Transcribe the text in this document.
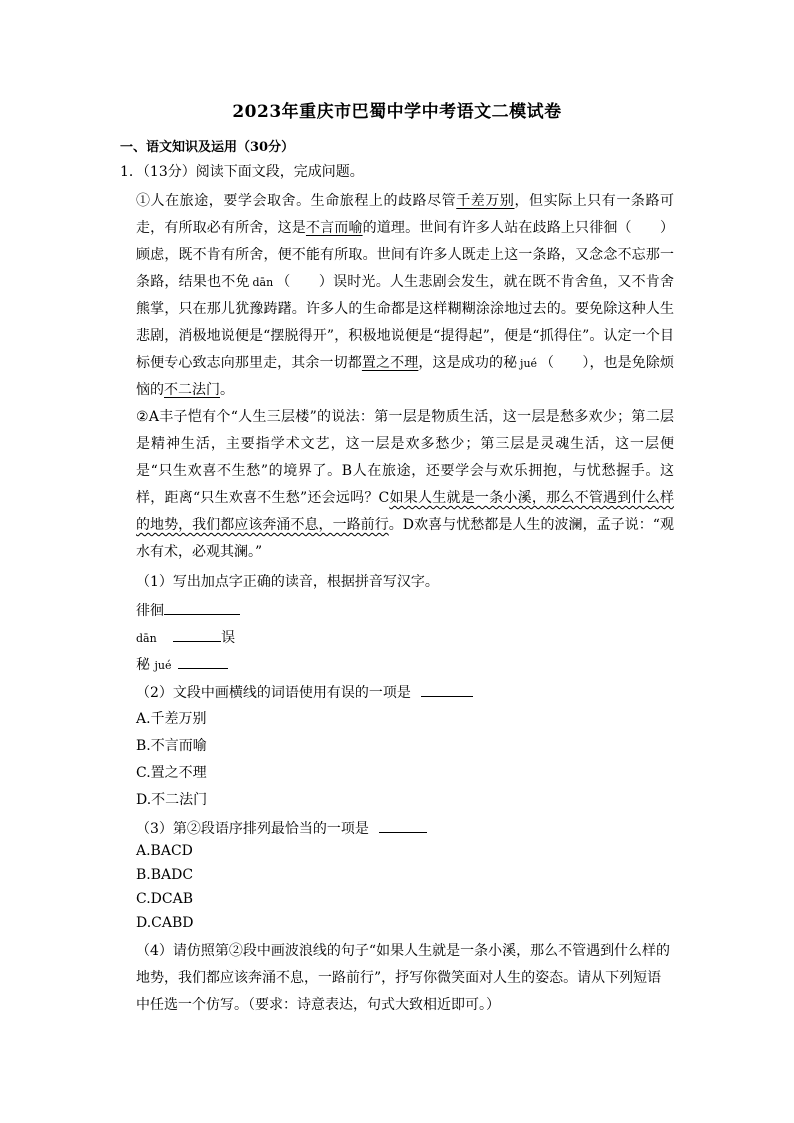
2023年重庆市巴蜀中学中考语文二模试卷
一、语文知识及运用（30分）
1．（13分）阅读下面文段，完成问题。

①人在旅途，要学会取舍。生命旅程上的歧路尽管千差万别，但实际上只有一条路可走，有所取必有所舍，这是不言而喻的道理。世间有许多人站在歧路上只徘徊（　　）顾虑，既不肯有所舍，便不能有所取。世间有许多人既走上这一条路，又念念不忘那一条路，结果也不免  dān  （　　）误时光。人生悲剧会发生，就在既不肯舍鱼，又不肯舍熊掌，只在那儿犹豫踌躇。许多人的生命都是这样糊糊涂涂地过去的。要免除这种人生悲剧，消极地说便是“摆脱得开”，积极地说便是“提得起”，便是“抓得住”。认定一个目标便专心致志向那里走，其余一切都置之不理，这是成功的秘  jué  （　　），也是免除烦恼的不二法门。

②A丰子恺有个“人生三层楼”的说法：第一层是物质生活，这一层是愁多欢少；第二层是精神生活，主要指学术文艺，这一层是欢多愁少；第三层是灵魂生活，这一层便是“只生欢喜不生愁”的境界了。B人在旅途，还要学会与欢乐拥抱，与忧愁握手。这样，距离“只生欢喜不生愁”还会远吗？C如果人生就是一条小溪，那么不管遇到什么样的地势，我们都应该奔涌不息，一路前行。D欢喜与忧愁都是人生的波澜，孟子说：“观水有术，必观其澜。”

（1）写出加点字正确的读音，根据拼音写汉字。
徘徊
dān	误
秘 jué
（2）文段中画横线的词语使用有误的一项是
A.千差万别
B.不言而喻
C.置之不理
D.不二法门
（3）第②段语序排列最恰当的一项是
A.BACD
B.BADC
C.DCAB
D.CABD

（4）请仿照第②段中画波浪线的句子“如果人生就是一条小溪，那么不管遇到什么样的地势，我们都应该奔涌不息，一路前行”，抒写你微笑面对人生的姿态。请从下列短语中任选一个仿写。（要求：诗意表达，句式大致相近即可。）
